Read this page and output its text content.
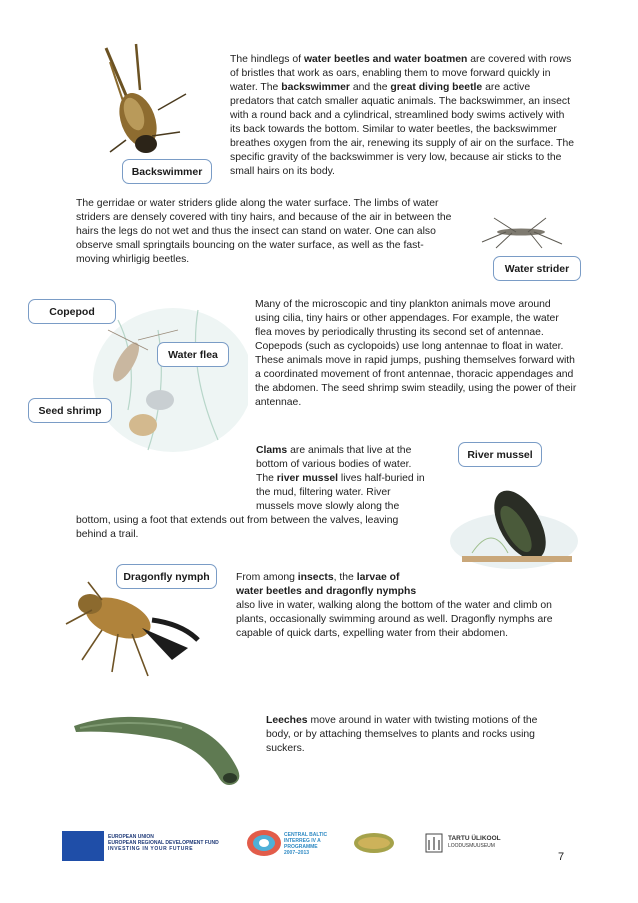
Backswimmer
The hindlegs of water beetles and water boatmen are covered with rows of bristles that work as oars, enabling them to move forward quickly in water. The backswimmer and the great diving beetle are active predators that catch smaller aquatic animals. The backswimmer, an insect with a round back and a cylindrical, streamlined body swims actively with its back towards the bottom. Similar to water beetles, the backswimmer breathes oxygen from the air, renewing its supply of air on the surface. The specific gravity of the backswimmer is very low, because air sticks to the small hairs on its body.
The gerridae or water striders glide along the water surface. The limbs of water striders are densely covered with tiny hairs, and because of the air in between the hairs the legs do not wet and thus the insect can stand on water. One can also observe small springtails bouncing on the water surface, as well as the fast-moving whirligig beetles.
Water strider
Copepod
Water flea
Seed shrimp
Many of the microscopic and tiny plankton animals move around using cilia, tiny hairs or other appendages. For example, the water flea moves by periodically thrusting its second set of antennae. Copepods (such as cyclopoids) use long antennae to float in water. These animals move in rapid jumps, pushing themselves forward with a coordinated movement of front antennae, thoracic appendages and the abdomen. The seed shrimp swim steadily, using the power of their antennae.
Clams are animals that live at the bottom of various bodies of water. The river mussel lives half-buried in the mud, filtering water. River mussels move slowly along the
bottom, using a foot that extends out from between the valves, leaving behind a trail.
River mussel
Dragonfly nymph	From among insects, the larvae of water beetles and dragonfly nymphs
also live in water, walking along the bottom of the water and climb on plants, occasionally swimming around as well. Dragonfly nymphs are capable of quick darts, expelling water from their abdomen.
Leeches move around in water with twisting motions of the body, or by attaching themselves to plants and rocks using suckers.
EUROPEAN UNION
EUROPEAN REGIONAL DEVELOPMENT FUND
INVESTING IN YOUR FUTURE
CENTRAL BALTIC
INTERREG IV A
PROGRAMME
2007–2013
TARTU ÜLIKOOL
LOODUSMUUSEUM
7
